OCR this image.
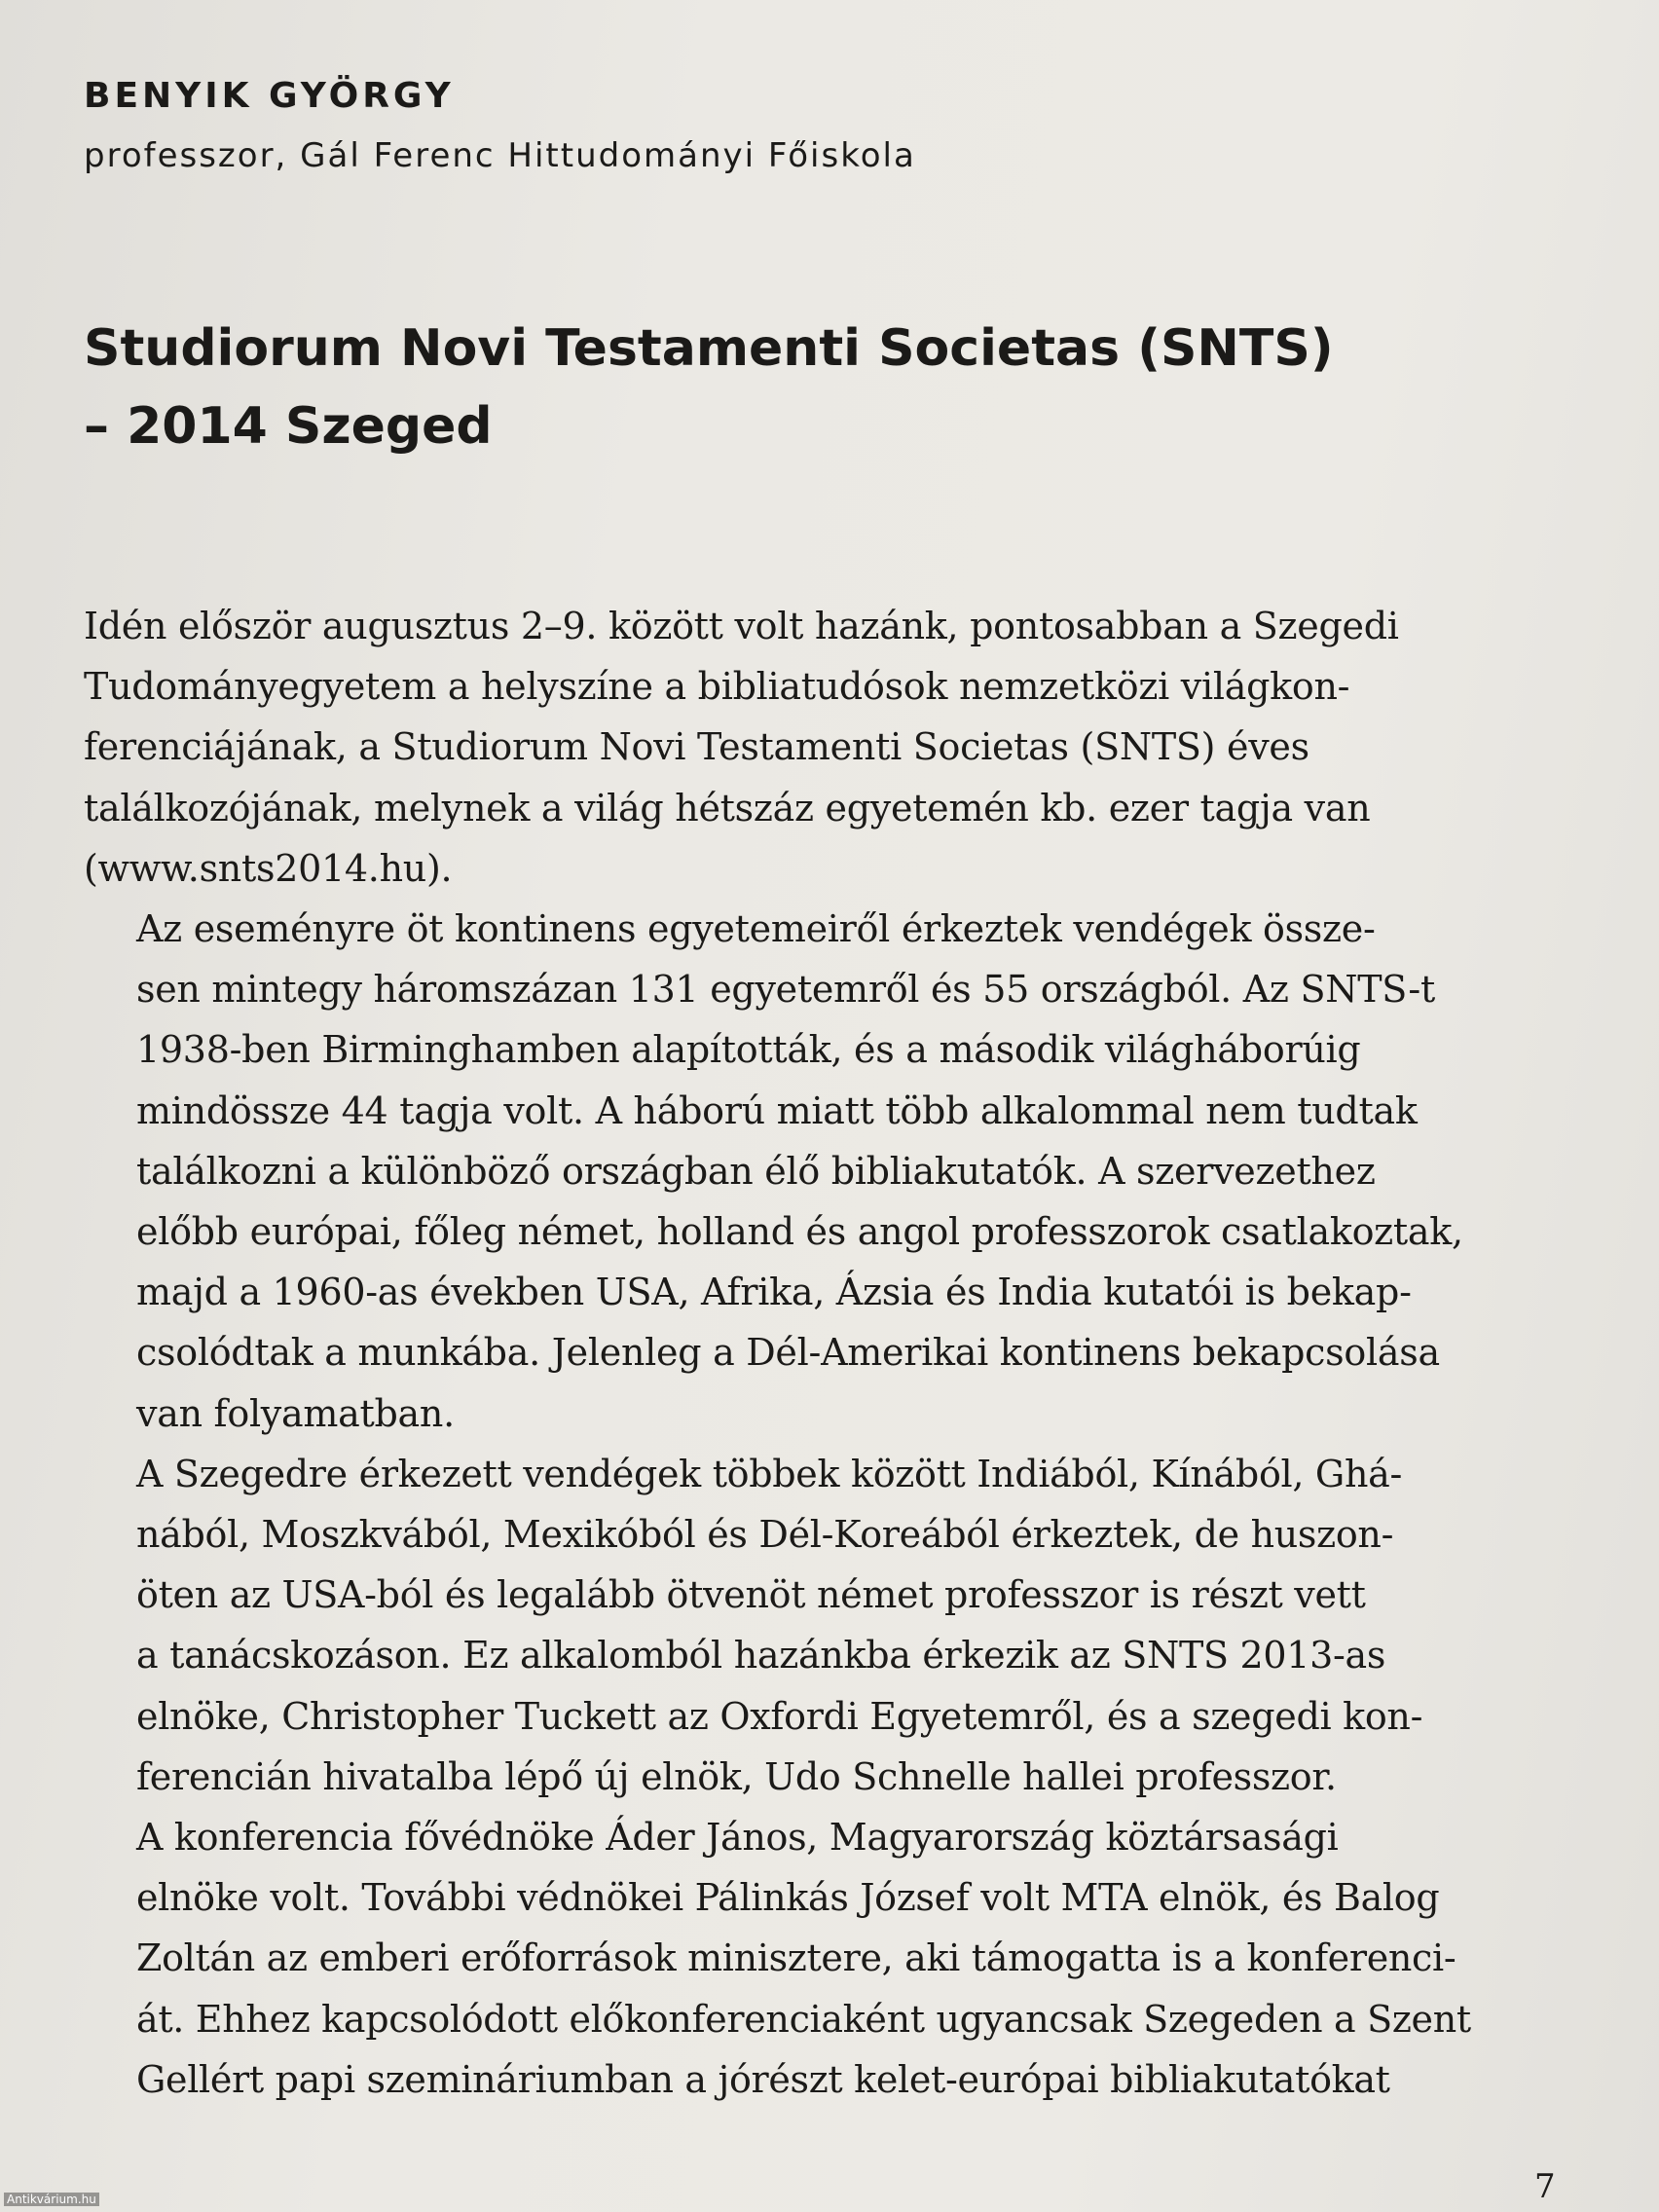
BENYIK GYÖRGY

professzor, Gál Ferenc Hittudományi Főiskola

Studiorum Novi Testamenti Societas (SNTS)
– 2014 Szeged

Idén először augusztus 2–9. között volt hazánk, pontosabban a Szegedi
Tudományegyetem a helyszíne a bibliatudósok nemzetközi világkon-
ferenciájának, a Studiorum Novi Testamenti Societas (SNTS) éves
találkozójának, melynek a világ hétszáz egyetemén kb. ezer tagja van
(www.snts2014.hu).

Az eseményre öt kontinens egyetemeiről érkeztek vendégek össze-
sen mintegy háromszázan 131 egyetemről és 55 országból. Az SNTS-t
1938-ben Birminghamben alapították, és a második világháborúig
mindössze 44 tagja volt. A háború miatt több alkalommal nem tudtak
találkozni a különböző országban élő bibliakutatók. A szervezethez
előbb európai, főleg német, holland és angol professzorok csatlakoztak,
majd a 1960-as években USA, Afrika, Ázsia és India kutatói is bekap-
csolódtak a munkába. Jelenleg a Dél-Amerikai kontinens bekapcsolása
van folyamatban.

A Szegedre érkezett vendégek többek között Indiából, Kínából, Ghá-
nából, Moszkvából, Mexikóból és Dél-Koreából érkeztek, de huszon-
öten az USA-ból és legalább ötvenöt német professzor is részt vett
a tanácskozáson. Ez alkalomból hazánkba érkezik az SNTS 2013-as
elnöke, Christopher Tuckett az Oxfordi Egyetemről, és a szegedi kon-
ferencián hivatalba lépő új elnök, Udo Schnelle hallei professzor.

A konferencia fővédnöke Áder János, Magyarország köztársasági
elnöke volt. További védnökei Pálinkás József volt MTA elnök, és Balog
Zoltán az emberi erőforrások minisztere, aki támogatta is a konferenci-
át. Ehhez kapcsolódott előkonferenciaként ugyancsak Szegeden a Szent
Gellért papi szemináriumban a jórészt kelet-európai bibliakutatókat

7

Antikvárium.hu
